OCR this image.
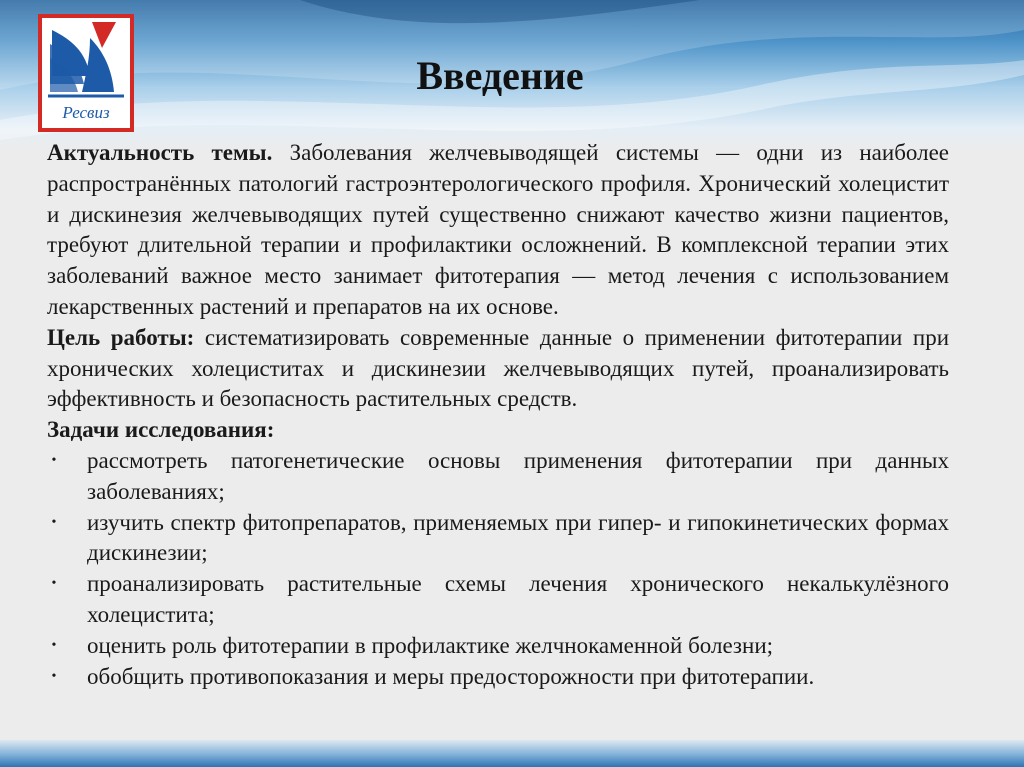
Ресвиз
Введение

Актуальность темы. Заболевания желчевыводящей системы — одни из наиболее распространённых патологий гастроэнтерологического профиля. Хронический холецистит и дискинезия желчевыводящих путей существенно снижают качество жизни пациентов, требуют длительной терапии и профилактики осложнений. В комплексной терапии этих заболеваний важное место занимает фитотерапия — метод лечения с использованием лекарственных растений и препаратов на их основе.

Цель работы: систематизировать современные данные о применении фитотерапии при хронических холециститах и дискинезии желчевыводящих путей, проанализировать эффективность и безопасность растительных средств.

Задачи исследования:
• рассмотреть патогенетические основы применения фитотерапии при данных заболеваниях;
• изучить спектр фитопрепаратов, применяемых при гипер- и гипокинетических формах дискинезии;
• проанализировать растительные схемы лечения хронического некалькулёзного холецистита;
• оценить роль фитотерапии в профилактике желчнокаменной болезни;
• обобщить противопоказания и меры предосторожности при фитотерапии.
